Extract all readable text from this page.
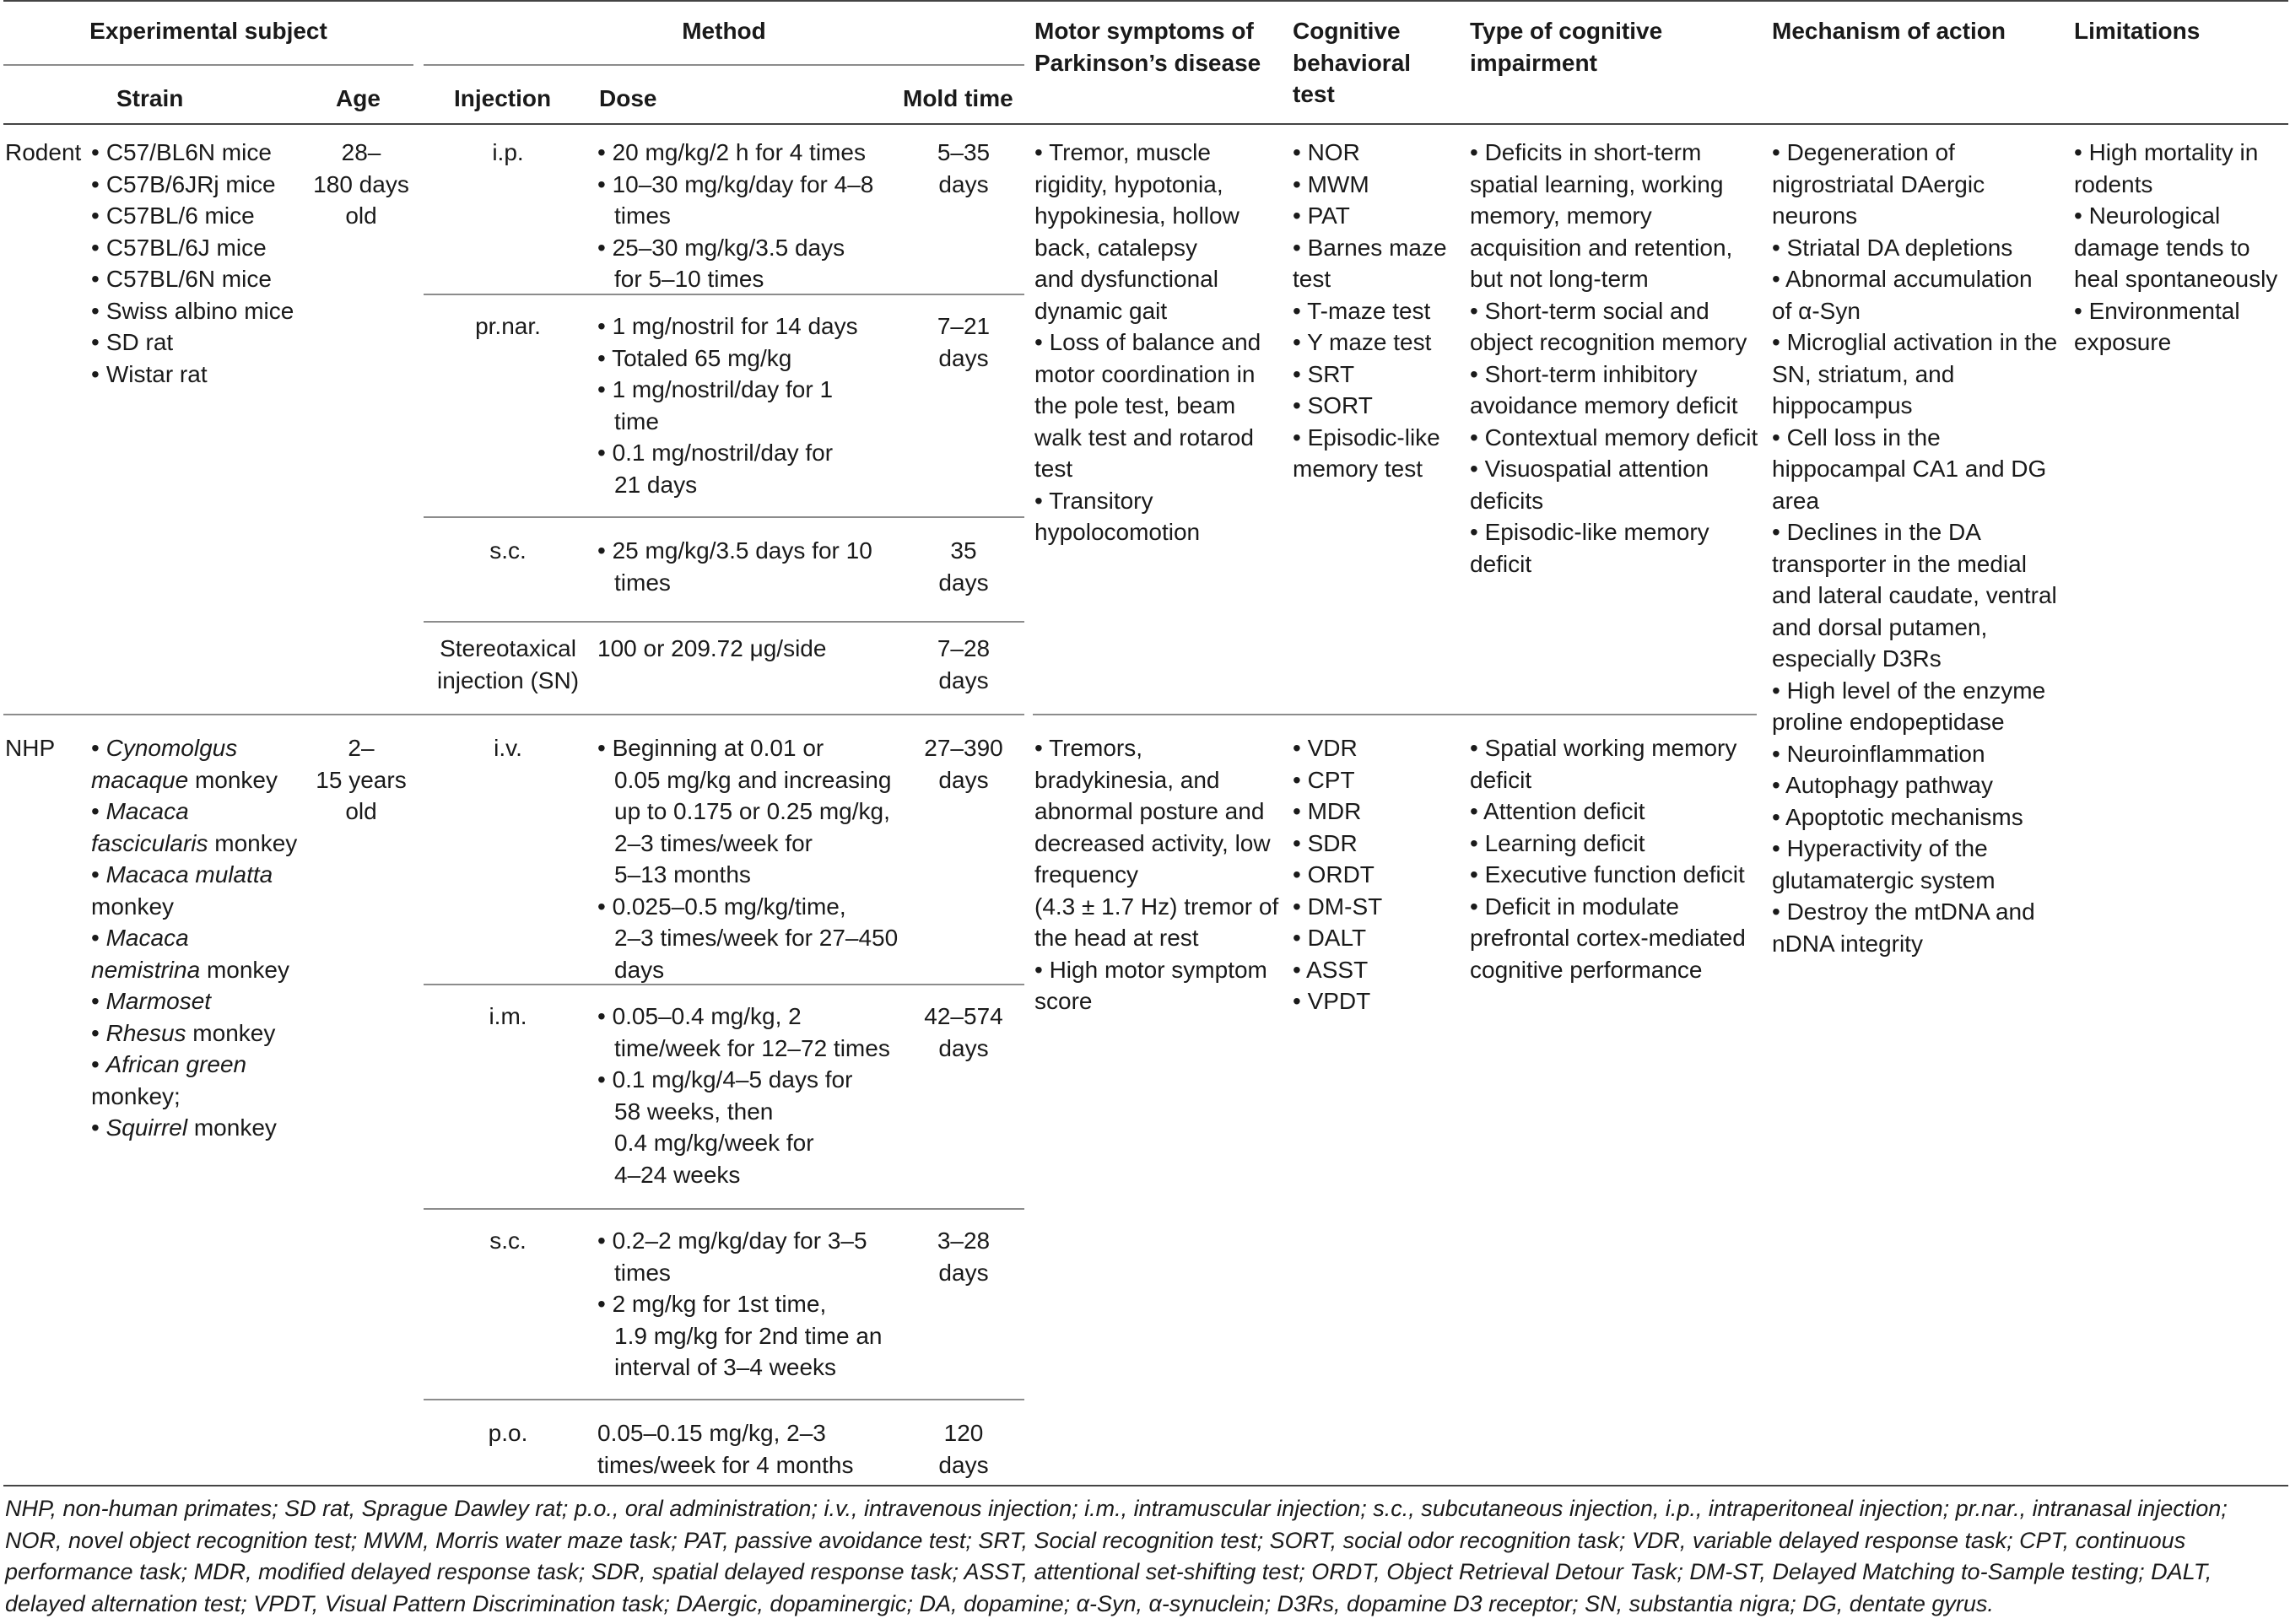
Experimental subject	Method	Motor symptoms of
Parkinson’s disease
Cognitive
behavioral
test
Type of cognitive
impairment
Mechanism of action	Limitations
Strain	Age	Injection Dose	Mold time
Rodent
•	C57/BL6N mice
• C57B/6JRj mice
• C57BL/6 mice
• C57BL/6J mice
• C57BL/6N mice
• Swiss albino mice
• SD rat
• Wistar rat
28–
180 days
old
i.p.	• 20 mg/kg/2 h for 4 times
• 10–30 mg/kg/day for 4–8
times
• 25–30 mg/kg/3.5 days
for 5–10 times
5–35
days
pr.nar.	• 1 mg/nostril for 14 days
• Totaled 65 mg/kg
• 1 mg/nostril/day for 1
time
• 0.1 mg/nostril/day for
21 days
7–21
days
s.c.	• 25 mg/kg/3.5 days for 10
times
35
days
Stereotaxical
injection (SN)
100 or 209.72 μg/side	7–28
days
• Tremor, muscle
rigidity, hypotonia,
hypokinesia, hollow
back, catalepsy
and dysfunctional
dynamic gait
• Loss of balance and
motor coordination in
the pole test, beam
walk test and rotarod
test
• Transitory
hypolocomotion
• NOR
• MWM
• PAT
• Barnes maze
test
• T-maze test
• Y maze test
• SRT
• SORT
• Episodic-like
memory test
• Deficits in short-term
spatial learning, working
memory, memory
acquisition and retention,
but not long-term
• Short-term social and
object recognition memory
• Short-term inhibitory
avoidance memory deficit
• Contextual memory deficit
• Visuospatial attention
deficits
• Episodic-like memory
deficit
• Degeneration of
nigrostriatal DAergic
neurons
• Striatal DA depletions
• Abnormal accumulation
of α-Syn
• Microglial activation in the
SN, striatum, and
hippocampus
• Cell loss in the
hippocampal CA1 and DG
area
• Declines in the DA
transporter in the medial
and lateral caudate, ventral
and dorsal putamen,
especially D3Rs
• High level of the enzyme
proline endopeptidase
• Neuroinflammation
• Autophagy pathway
• Apoptotic mechanisms
• Hyperactivity of the
glutamatergic system
• Destroy the mtDNA and
nDNA integrity
• High mortality in
rodents
• Neurological
damage tends to
heal spontaneously
• Environmental
exposure
NHP • Cynomolgus
macaque monkey
• Macaca
fascicularis monkey
• Macaca mulatta
monkey
• Macaca
nemistrina monkey
• Marmoset
• Rhesus monkey
• African green
monkey;
• Squirrel monkey
2–
15 years
old
i.v.	• Beginning at 0.01 or
0.05 mg/kg and increasing
up to 0.175 or 0.25 mg/kg,
2–3 times/week for
5–13 months
• 0.025–0.5 mg/kg/time,
2–3 times/week for 27–450
days
27–390
days
i.m.	• 0.05–0.4 mg/kg, 2
time/week for 12–72 times
• 0.1 mg/kg/4–5 days for
58 weeks, then
0.4 mg/kg/week for
4–24 weeks
42–574
days
s.c.	• 0.2–2 mg/kg/day for 3–5
times
• 2 mg/kg for 1st time,
1.9 mg/kg for 2nd time an
interval of 3–4 weeks
3–28
days
p.o.	0.05–0.15 mg/kg, 2–3
times/week for 4 months
120
days
• Tremors,
bradykinesia, and
abnormal posture and
decreased activity, low
frequency
(4.3 ± 1.7 Hz) tremor of
the head at rest
• High motor symptom
score
• VDR
• CPT
• MDR
• SDR
• ORDT
• DM-ST
• DALT
• ASST
• VPDT
• Spatial working memory
deficit
• Attention deficit
• Learning deficit
• Executive function deficit
• Deficit in modulate
prefrontal cortex-mediated
cognitive performance
NHP, non-human primates; SD rat, Sprague Dawley rat; p.o., oral administration; i.v., intravenous injection; i.m., intramuscular injection; s.c., subcutaneous injection, i.p., intraperitoneal injection; pr.nar., intranasal injection; NOR, novel object recognition test; MWM, Morris water maze task; PAT, passive avoidance test; SRT, Social recognition test; SORT, social odor recognition task; VDR, variable delayed response task; CPT, continuous performance task; MDR, modified delayed response task; SDR, spatial delayed response task; ASST, attentional set-shifting test; ORDT, Object Retrieval Detour Task; DM-ST, Delayed Matching to-Sample testing; DALT, delayed alternation test; VPDT, Visual Pattern Discrimination task; DAergic, dopaminergic; DA, dopamine; α-Syn, α-synuclein; D3Rs, dopamine D3 receptor; SN, substantia nigra; DG, dentate gyrus.
